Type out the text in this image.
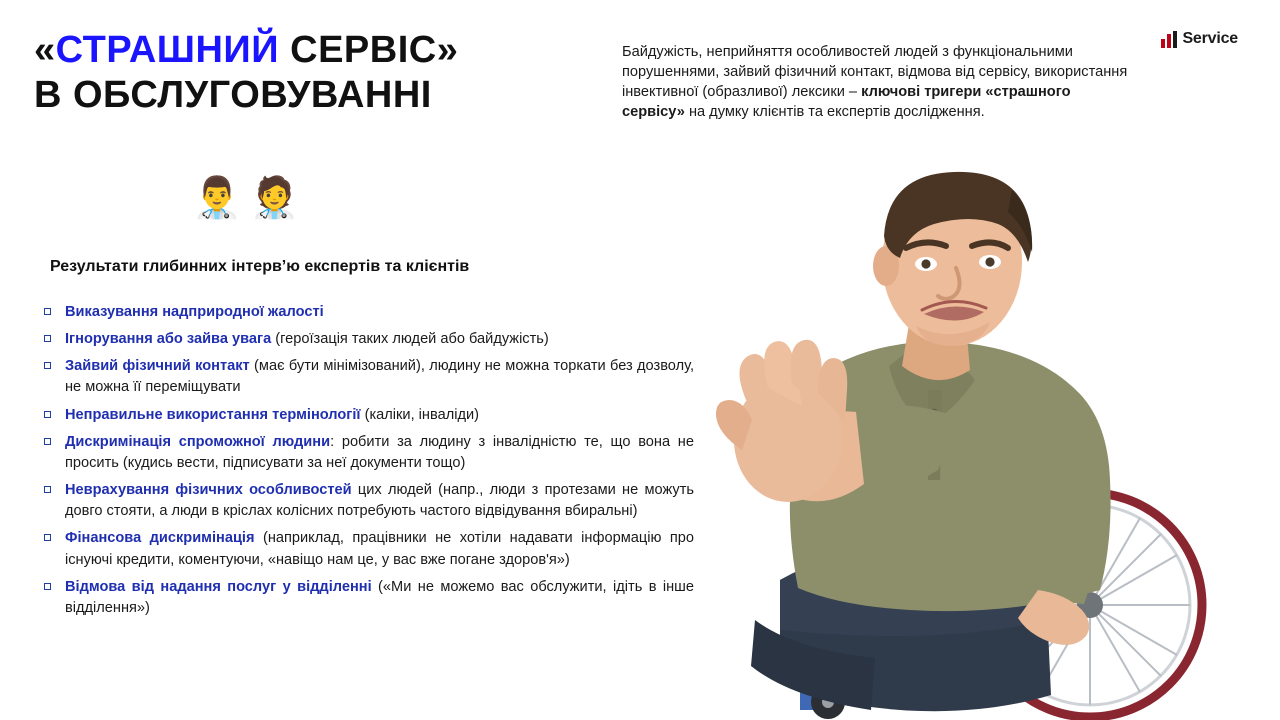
«СТРАШНИЙ СЕРВІС»
В ОБСЛУГОВУВАННІ
Байдужість, неприйняття особливостей людей з функціональними порушеннями, зайвий фізичний контакт, відмова від сервісу, використання інвективної (образливої) лексики – ключові тригери «страшного сервісу» на думку клієнтів та експертів дослідження.
Service
👨‍⚕️ 🧑‍⚕️
Результати глибинних інтерв’ю експертів та клієнтів
Виказування надприродної жалості
Ігнорування або зайва увага (героїзація таких людей або байдужість)
Зайвий фізичний контакт (має бути мінімізований), людину не можна торкати без дозволу, не можна її переміщувати
Неправильне використання термінології (каліки, інваліди)
Дискримінація спроможної людини: робити за людину з інвалідністю те, що вона не просить (кудись вести, підписувати за неї документи тощо)
Неврахування фізичних особливостей цих людей (напр., люди з протезами не можуть довго стояти, а люди в кріслах колісних потребують частого відвідування вбиральні)
Фінансова дискримінація (наприклад, працівники не хотіли надавати інформацію про існуючі кредити, коментуючи, «навіщо нам це, у вас вже погане здоров'я»)
Відмова від надання послуг у відділенні («Ми не можемо вас обслужити, ідіть в інше відділення»)
